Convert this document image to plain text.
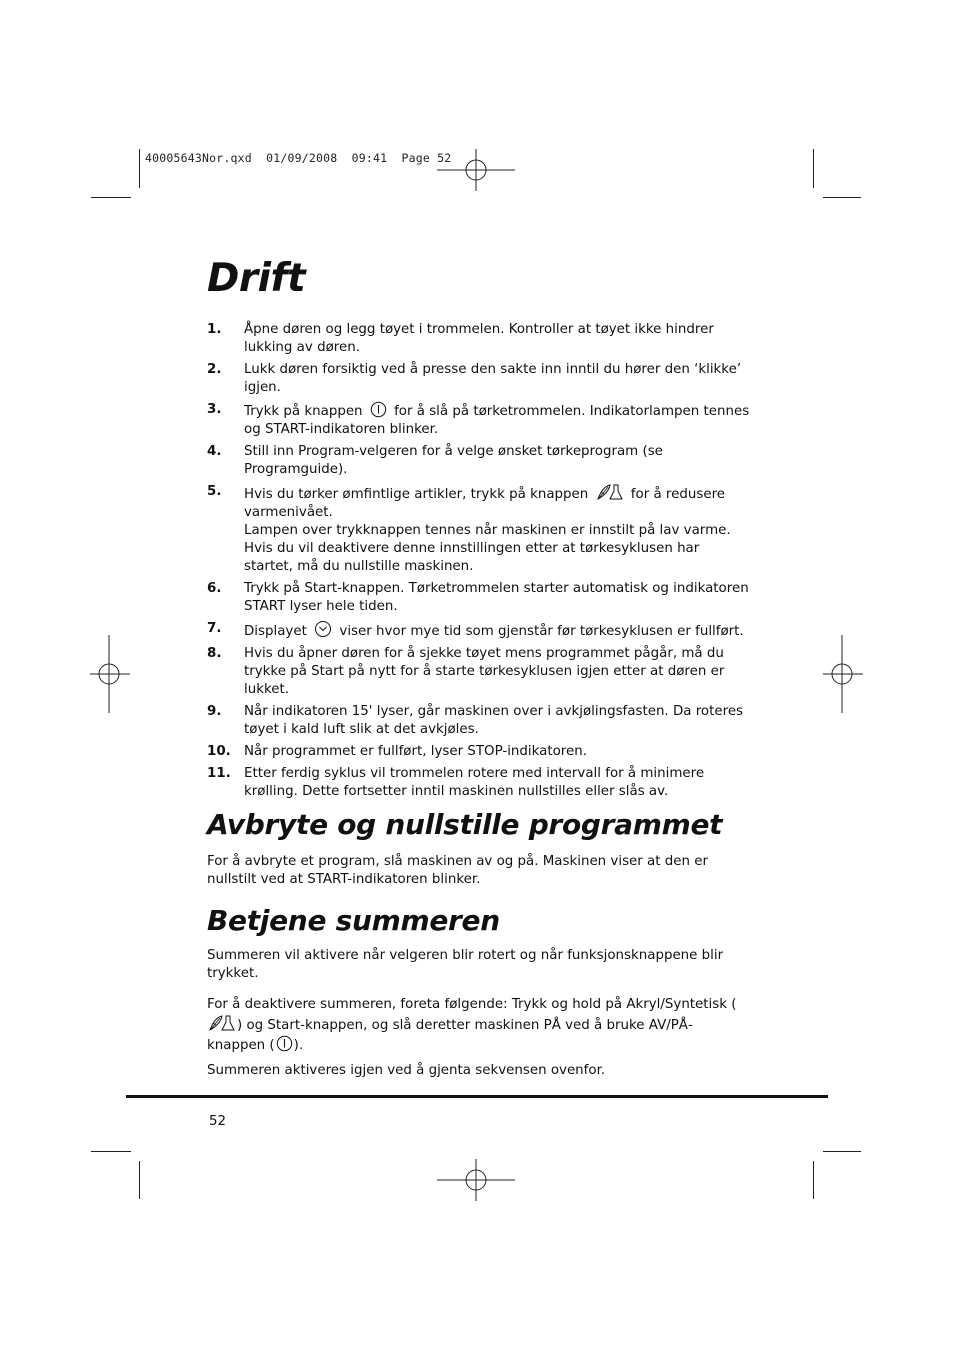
40005643Nor.qxd  01/09/2008  09:41  Page 52
Drift
1.	Åpne døren og legg tøyet i trommelen. Kontroller at tøyet ikke hindrer lukking av døren.
2.	Lukk døren forsiktig ved å presse den sakte inn inntil du hører den ‘klikke’ igjen.
3.	Trykk på knappen for å slå på tørketrommelen. Indikatorlampen tennes og START-indikatoren blinker.
4.	Still inn Program-velgeren for å velge ønsket tørkeprogram (se Programguide).
5.	Hvis du tørker ømfintlige artikler, trykk på knappen	for å redusere varmenivået.
Lampen over trykknappen tennes når maskinen er innstilt på lav varme. Hvis du vil deaktivere denne innstillingen etter at tørkesyklusen har startet, må du nullstille maskinen.
6.	Trykk på Start-knappen. Tørketrommelen starter automatisk og indikatoren START lyser hele tiden.
7.	Displayet viser hvor mye tid som gjenstår før tørkesyklusen er fullført.
8.	Hvis du åpner døren for å sjekke tøyet mens programmet pågår, må du trykke på Start på nytt for å starte tørkesyklusen igjen etter at døren er lukket.
9.	Når indikatoren 15' lyser, går maskinen over i avkjølingsfasten. Da roteres tøyet i kald luft slik at det avkjøles.
10. Når programmet er fullført, lyser STOP-indikatoren.
11. Etter ferdig syklus vil trommelen rotere med intervall for å minimere krølling. Dette fortsetter inntil maskinen nullstilles eller slås av.
Avbryte og nullstille programmet
For å avbryte et program, slå maskinen av og på. Maskinen viser at den er nullstilt ved at START-indikatoren blinker.
Betjene summeren
Summeren vil aktivere når velgeren blir rotert og når funksjonsknappene blir trykket.
For å deaktivere summeren, foreta følgende: Trykk og hold på Akryl/Syntetisk () og Start-knappen, og slå deretter maskinen PÅ ved å bruke AV/PÅ-knappen ( ).
Summeren aktiveres igjen ved å gjenta sekvensen ovenfor.
52
